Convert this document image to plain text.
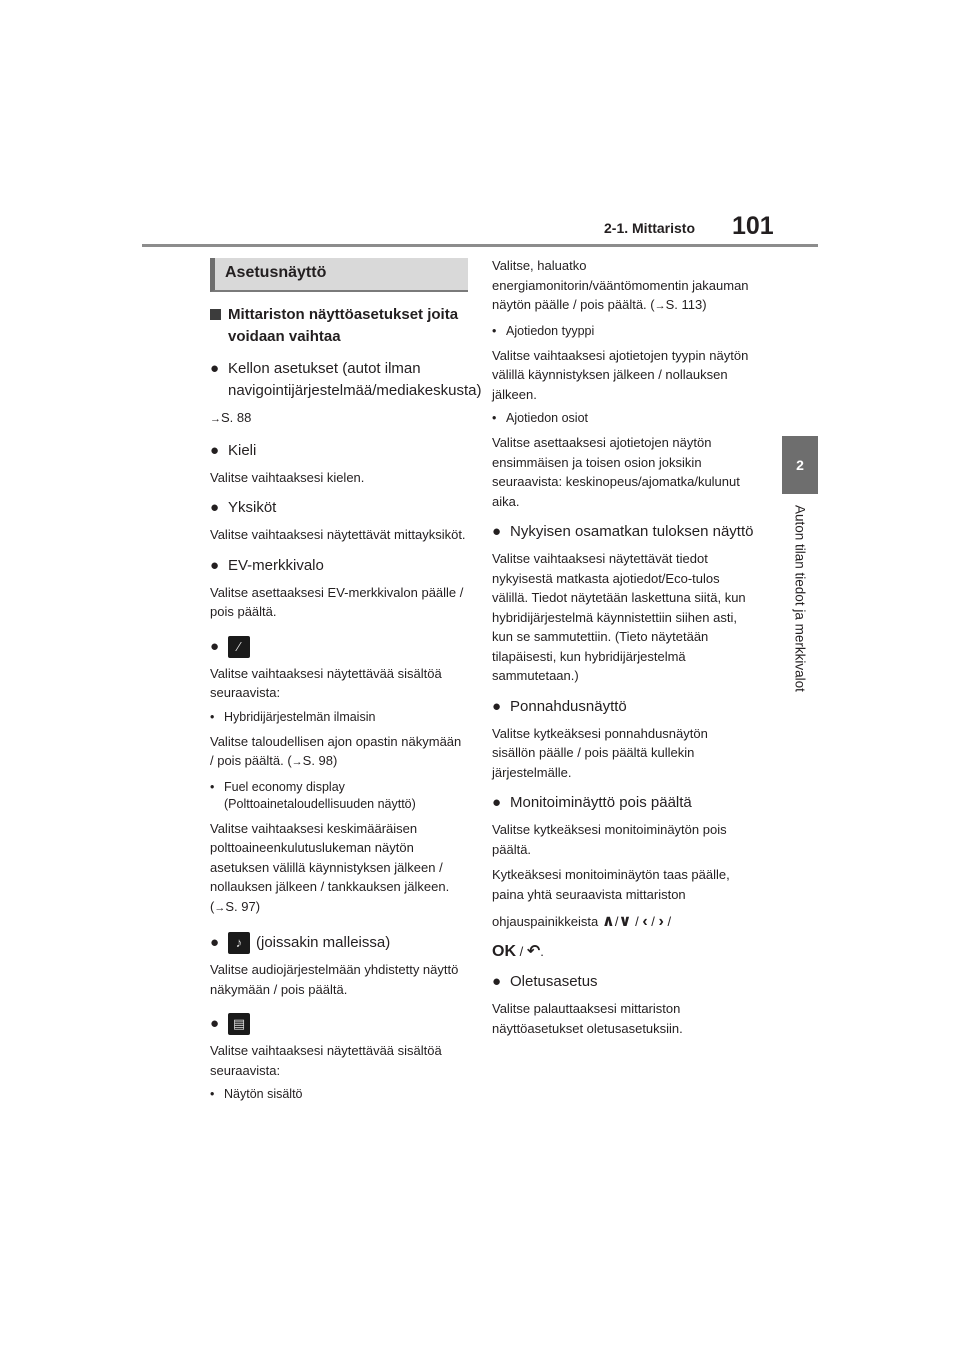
2-1. Mittaristo 101
2
Auton tilan tiedot ja merkkivalot
Asetusnäyttö
Mittariston näyttöasetukset joita voidaan vaihtaa
● Kellon asetukset (autot ilman navigointijärjestelmää/mediakeskusta)
→S. 88
● Kieli
Valitse vaihtaaksesi kielen.
● Yksiköt
Valitse vaihtaaksesi näytettävät mittayksiköt.
● EV-merkkivalo
Valitse asettaaksesi EV-merkkivalon päälle / pois päältä.
●	∕
Valitse vaihtaaksesi näytettävää sisältöä seuraavista:
• Hybridijärjestelmän ilmaisin
Valitse taloudellisen ajon opastin näkymään / pois päältä. (→S. 98)
• Fuel economy display (Polttoainetaloudellisuuden näyttö)
Valitse vaihtaaksesi keskimääräisen polttoaineenkulutuslukeman näytön asetuksen välillä käynnistyksen jälkeen / nollauksen jälkeen / tankkauksen jälkeen. (→S. 97)
●	♪ (joissakin malleissa)
Valitse audiojärjestelmään yhdistetty näyttö näkymään / pois päältä.
●	▤
Valitse vaihtaaksesi näytettävää sisältöä seuraavista:
• Näytön sisältö
Valitse, haluatko energiamonitorin/vääntömomentin jakauman näytön päälle / pois päältä. (→S. 113)
• Ajotiedon tyyppi
Valitse vaihtaaksesi ajotietojen tyypin näytön välillä käynnistyksen jälkeen / nollauksen jälkeen.
• Ajotiedon osiot
Valitse asettaaksesi ajotietojen näytön ensimmäisen ja toisen osion joksikin seuraavista: keskinopeus/ajomatka/kulunut aika.
● Nykyisen osamatkan tuloksen näyttö
Valitse vaihtaaksesi näytettävät tiedot nykyisestä matkasta ajotiedot/Eco-tulos välillä. Tiedot näytetään laskettuna siitä, kun hybridijärjestelmä käynnistettiin siihen asti, kun se sammutettiin. (Tieto näytetään tilapäisesti, kun hybridijärjestelmä sammutetaan.)
● Ponnahdusnäyttö
Valitse kytkeäksesi ponnahdusnäytön sisällön päälle / pois päältä kullekin järjestelmälle.
● Monitoiminäyttö pois päältä
Valitse kytkeäksesi monitoiminäytön pois päältä.
Kytkeäksesi monitoiminäytön taas päälle, paina yhtä seuraavista mittariston
ohjauspainikkeista ∧/∨ / ‹ / › /
OK / ↶.
● Oletusasetus
Valitse palauttaaksesi mittariston näyttöasetukset oletusasetuksiin.
